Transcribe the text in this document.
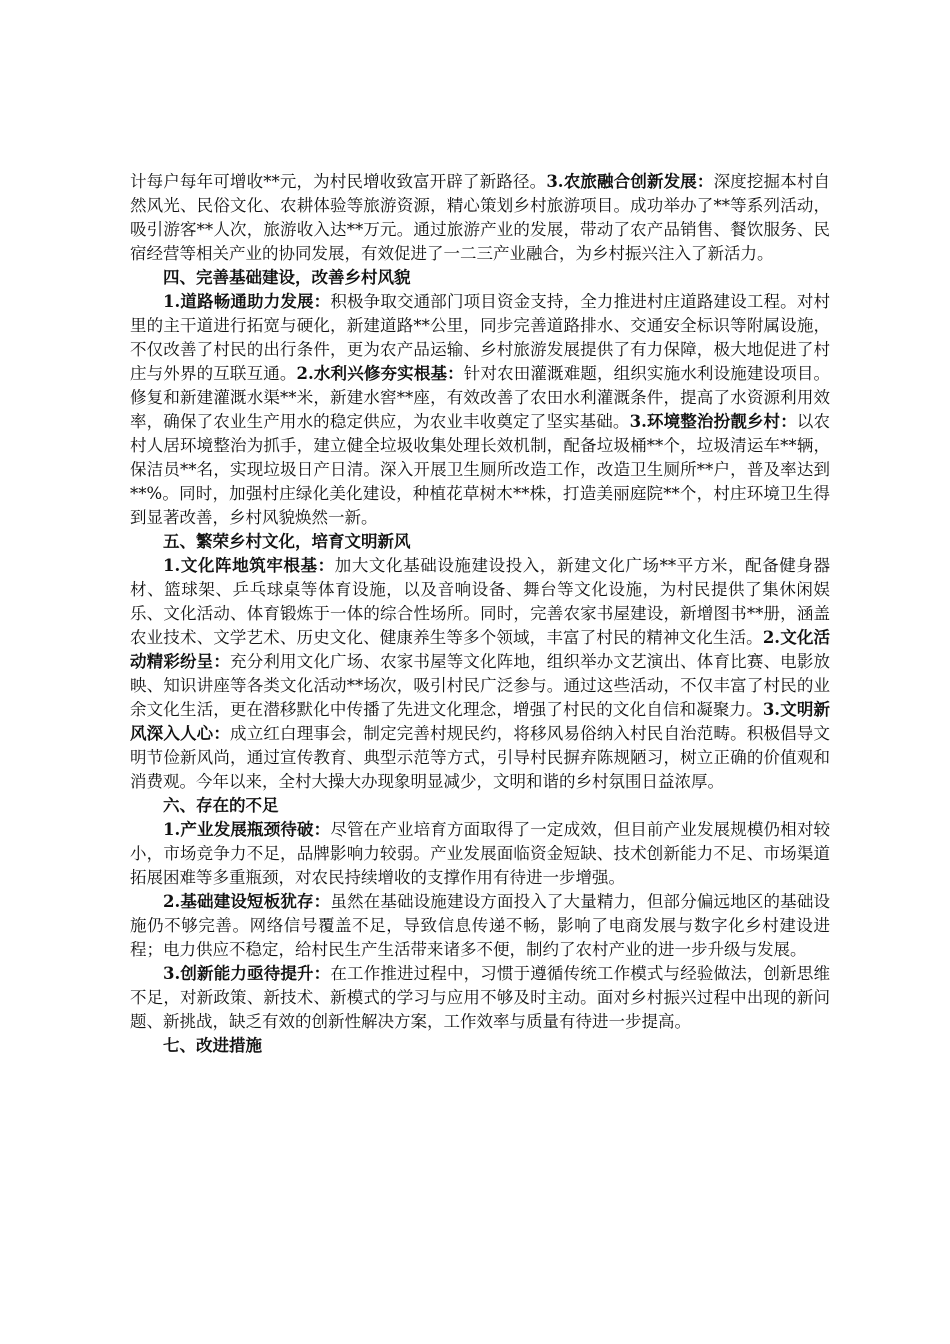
计每户每年可增收**元，为村民增收致富开辟了新路径。3.农旅融合创新发展：深度挖掘本村自然风光、民俗文化、农耕体验等旅游资源，精心策划乡村旅游项目。成功举办了**等系列活动，吸引游客**人次，旅游收入达**万元。通过旅游产业的发展，带动了农产品销售、餐饮服务、民宿经营等相关产业的协同发展，有效促进了一二三产业融合，为乡村振兴注入了新活力。

四、完善基础建设，改善乡村风貌

1.道路畅通助力发展：积极争取交通部门项目资金支持，全力推进村庄道路建设工程。对村里的主干道进行拓宽与硬化，新建道路**公里，同步完善道路排水、交通安全标识等附属设施，不仅改善了村民的出行条件，更为农产品运输、乡村旅游发展提供了有力保障，极大地促进了村庄与外界的互联互通。2.水利兴修夯实根基：针对农田灌溉难题，组织实施水利设施建设项目。修复和新建灌溉水渠**米，新建水窖**座，有效改善了农田水利灌溉条件，提高了水资源利用效率，确保了农业生产用水的稳定供应，为农业丰收奠定了坚实基础。3.环境整治扮靓乡村：以农村人居环境整治为抓手，建立健全垃圾收集处理长效机制，配备垃圾桶**个，垃圾清运车**辆，保洁员**名，实现垃圾日产日清。深入开展卫生厕所改造工作，改造卫生厕所**户，普及率达到**%。同时，加强村庄绿化美化建设，种植花草树木**株，打造美丽庭院**个，村庄环境卫生得到显著改善，乡村风貌焕然一新。

五、繁荣乡村文化，培育文明新风

1.文化阵地筑牢根基：加大文化基础设施建设投入，新建文化广场**平方米，配备健身器材、篮球架、乒乓球桌等体育设施，以及音响设备、舞台等文化设施，为村民提供了集休闲娱乐、文化活动、体育锻炼于一体的综合性场所。同时，完善农家书屋建设，新增图书**册，涵盖农业技术、文学艺术、历史文化、健康养生等多个领域，丰富了村民的精神文化生活。2.文化活动精彩纷呈：充分利用文化广场、农家书屋等文化阵地，组织举办文艺演出、体育比赛、电影放映、知识讲座等各类文化活动**场次，吸引村民广泛参与。通过这些活动，不仅丰富了村民的业余文化生活，更在潜移默化中传播了先进文化理念，增强了村民的文化自信和凝聚力。3.文明新风深入人心：成立红白理事会，制定完善村规民约，将移风易俗纳入村民自治范畴。积极倡导文明节俭新风尚，通过宣传教育、典型示范等方式，引导村民摒弃陈规陋习，树立正确的价值观和消费观。今年以来，全村大操大办现象明显减少，文明和谐的乡村氛围日益浓厚。

六、存在的不足

1.产业发展瓶颈待破：尽管在产业培育方面取得了一定成效，但目前产业发展规模仍相对较小，市场竞争力不足，品牌影响力较弱。产业发展面临资金短缺、技术创新能力不足、市场渠道拓展困难等多重瓶颈，对农民持续增收的支撑作用有待进一步增强。

2.基础建设短板犹存：虽然在基础设施建设方面投入了大量精力，但部分偏远地区的基础设施仍不够完善。网络信号覆盖不足，导致信息传递不畅，影响了电商发展与数字化乡村建设进程；电力供应不稳定，给村民生产生活带来诸多不便，制约了农村产业的进一步升级与发展。

3.创新能力亟待提升：在工作推进过程中，习惯于遵循传统工作模式与经验做法，创新思维不足，对新政策、新技术、新模式的学习与应用不够及时主动。面对乡村振兴过程中出现的新问题、新挑战，缺乏有效的创新性解决方案，工作效率与质量有待进一步提高。

七、改进措施
